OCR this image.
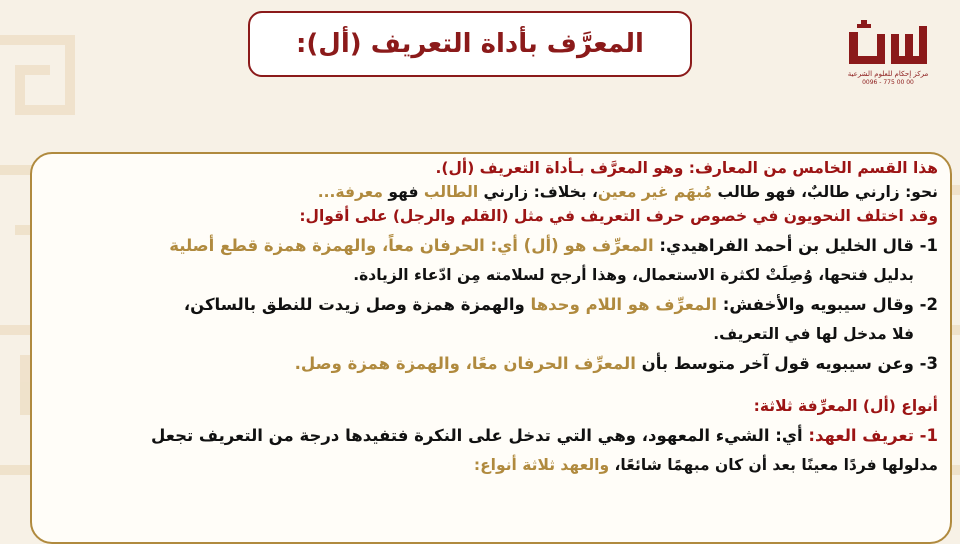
المعرَّف بأداة التعريف (أل):
مركز إحكام للعلوم الشرعية
0096 - 775 00 00
هذا القسم الخامس من المعارف: وهو المعرَّف بـأداة التعريف (أل).
نحو: زارني طالبٌ، فهو طالب مُبهَم غير معين، بخلاف: زارني الطالب فهو معرفة...
وقد اختلف النحويون في خصوص حرف التعريف في مثل (القلم والرجل) على أقوال:
1- قال الخليل بن أحمد الفراهيدي: المعرِّف هو (أل) أي: الحرفان معاً، والهمزة همزة قطع أصلية
بدليل فتحها، وُصِلَتْ لكثرة الاستعمال، وهذا أرجح لسلامته مِن ادّعاء الزيادة.
2- وقال سيبويه والأخفش: المعرِّف هو اللام وحدها والهمزة همزة وصل زيدت للنطق بالساكن،
فلا مدخل لها في التعريف.
3- وعن سيبويه قول آخر متوسط بأن المعرِّف الحرفان معًا، والهمزة همزة وصل.
أنواع (أل) المعرِّفة ثلاثة:
1- تعريف العهد: أي: الشيء المعهود، وهي التي تدخل على النكرة فتفيدها درجة من التعريف تجعل
مدلولها فردًا معينًا بعد أن كان مبهمًا شائعًا، والعهد ثلاثة أنواع:
